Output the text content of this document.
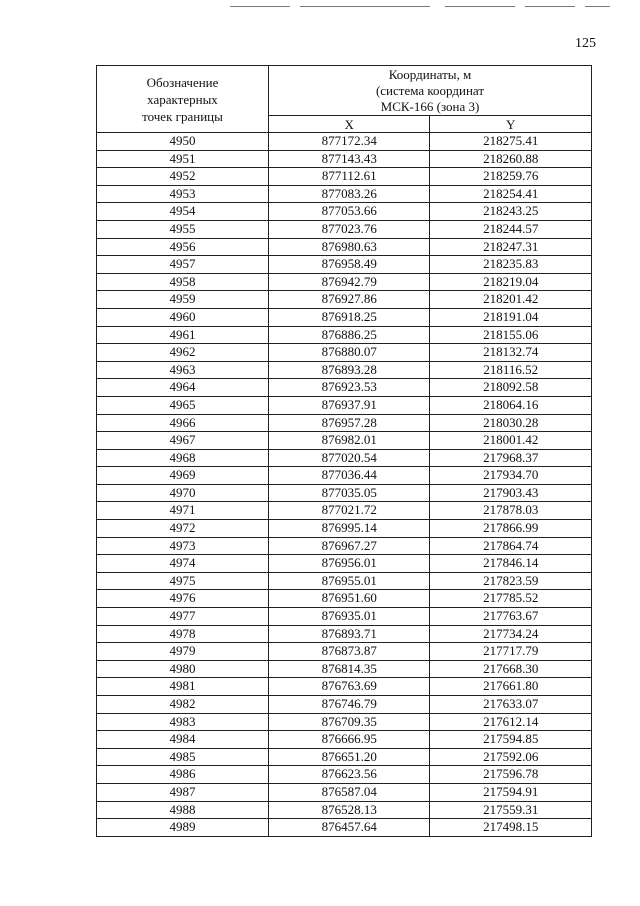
125
Обозначение
характерных
точек границы	Координаты, м
(система координат
МСК-166 (зона 3)	
	X	Y
4950	877172.34	218275.41
4951	877143.43	218260.88
4952	877112.61	218259.76
4953	877083.26	218254.41
4954	877053.66	218243.25
4955	877023.76	218244.57
4956	876980.63	218247.31
4957	876958.49	218235.83
4958	876942.79	218219.04
4959	876927.86	218201.42
4960	876918.25	218191.04
4961	876886.25	218155.06
4962	876880.07	218132.74
4963	876893.28	218116.52
4964	876923.53	218092.58
4965	876937.91	218064.16
4966	876957.28	218030.28
4967	876982.01	218001.42
4968	877020.54	217968.37
4969	877036.44	217934.70
4970	877035.05	217903.43
4971	877021.72	217878.03
4972	876995.14	217866.99
4973	876967.27	217864.74
4974	876956.01	217846.14
4975	876955.01	217823.59
4976	876951.60	217785.52
4977	876935.01	217763.67
4978	876893.71	217734.24
4979	876873.87	217717.79
4980	876814.35	217668.30
4981	876763.69	217661.80
4982	876746.79	217633.07
4983	876709.35	217612.14
4984	876666.95	217594.85
4985	876651.20	217592.06
4986	876623.56	217596.78
4987	876587.04	217594.91
4988	876528.13	217559.31
4989	876457.64	217498.15
